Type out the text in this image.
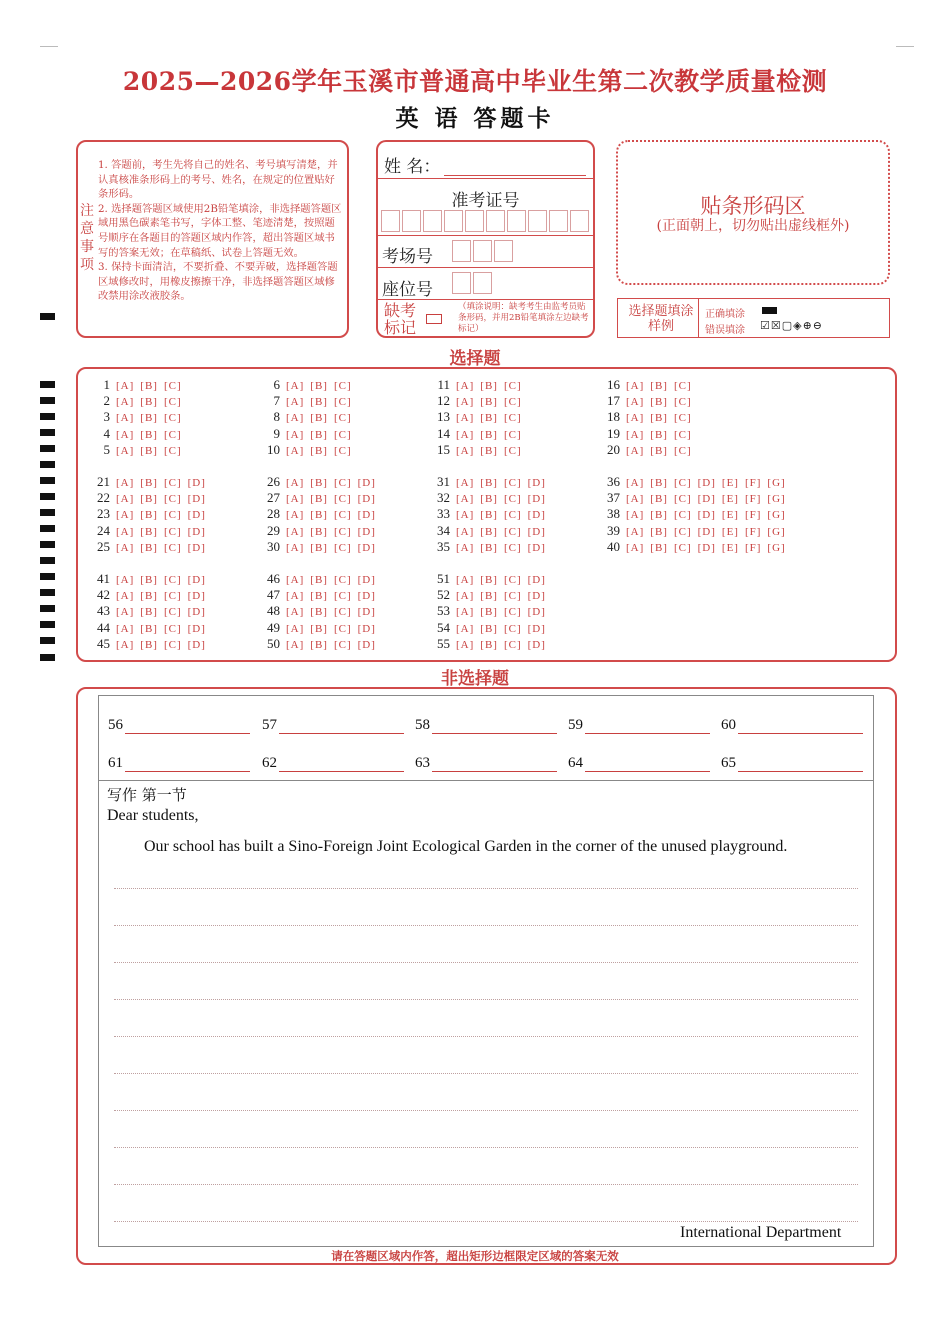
2025—2026学年玉溪市普通高中毕业生第二次教学质量检测
英 语 答题卡
注意事项

1. 答题前，考生先将自己的姓名、考号填写清楚，并认真核准条形码上的考号、姓名，在规定的位置贴好条形码。

2. 选择题答题区域使用2B铅笔填涂，非选择题答题区域用黑色碳素笔书写，字体工整、笔迹清楚，按照题号顺序在各题目的答题区域内作答，超出答题区域书写的答案无效；在草稿纸、试卷上答题无效。

3. 保持卡面清洁，不要折叠、不要弄破，选择题答题区域修改时，用橡皮擦擦干净，非选择题答题区域修改禁用涂改液胶条。

姓 名：
准考证号
考场号
座位号
缺考标记
（填涂说明：缺考考生由监考员贴条形码，并用2B铅笔填涂左边缺考标记）
贴条形码区
(正面朝上，切勿贴出虚线框外)
选择题填涂样例
正确填涂
错误填涂 ☑☒▢◈⊕⊖
选择题
1 [A] [B] [C]
2 [A] [B] [C]
3 [A] [B] [C]
4 [A] [B] [C]
5 [A] [B] [C]
6 [A] [B] [C]
7 [A] [B] [C]
8 [A] [B] [C]
9 [A] [B] [C]
10 [A] [B] [C]
11 [A] [B] [C]
12 [A] [B] [C]
13 [A] [B] [C]
14 [A] [B] [C]
15 [A] [B] [C]
16 [A] [B] [C]
17 [A] [B] [C]
18 [A] [B] [C]
19 [A] [B] [C]
20 [A] [B] [C]
21 [A] [B] [C] [D]
22 [A] [B] [C] [D]
23 [A] [B] [C] [D]
24 [A] [B] [C] [D]
25 [A] [B] [C] [D]
26 [A] [B] [C] [D]
27 [A] [B] [C] [D]
28 [A] [B] [C] [D]
29 [A] [B] [C] [D]
30 [A] [B] [C] [D]
31 [A] [B] [C] [D]
32 [A] [B] [C] [D]
33 [A] [B] [C] [D]
34 [A] [B] [C] [D]
35 [A] [B] [C] [D]
36 [A] [B] [C] [D] [E] [F] [G]
37 [A] [B] [C] [D] [E] [F] [G]
38 [A] [B] [C] [D] [E] [F] [G]
39 [A] [B] [C] [D] [E] [F] [G]
40 [A] [B] [C] [D] [E] [F] [G]
41 [A] [B] [C] [D]
42 [A] [B] [C] [D]
43 [A] [B] [C] [D]
44 [A] [B] [C] [D]
45 [A] [B] [C] [D]
46 [A] [B] [C] [D]
47 [A] [B] [C] [D]
48 [A] [B] [C] [D]
49 [A] [B] [C] [D]
50 [A] [B] [C] [D]
51 [A] [B] [C] [D]
52 [A] [B] [C] [D]
53 [A] [B] [C] [D]
54 [A] [B] [C] [D]
55 [A] [B] [C] [D]
非选择题
56	57	58	59	60
61	62	63	64	65
写作 第一节
Dear students,
Our school has built a Sino-Foreign Joint Ecological Garden in the corner of the unused playground.
International Department
请在答题区域内作答，超出矩形边框限定区域的答案无效
